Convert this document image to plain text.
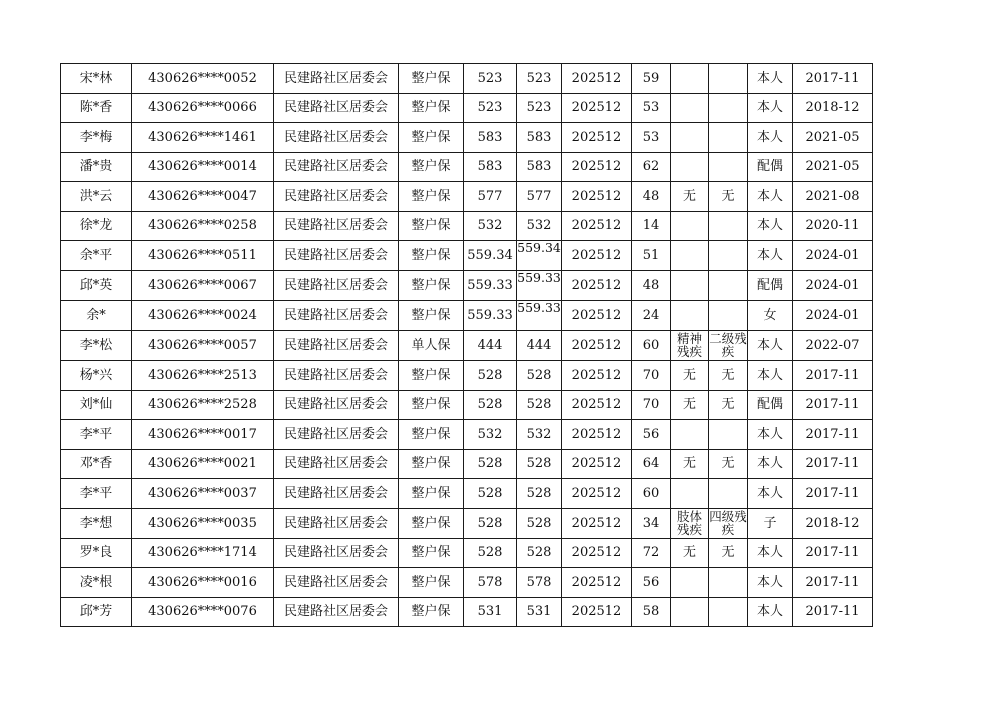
宋*林	430626****0052	民建路社区居委会	整户保	523	523	202512	59			本人	2017-11
陈*香	430626****0066	民建路社区居委会	整户保	523	523	202512	53			本人	2018-12
李*梅	430626****1461	民建路社区居委会	整户保	583	583	202512	53			本人	2021-05
潘*贵	430626****0014	民建路社区居委会	整户保	583	583	202512	62			配偶	2021-05
洪*云	430626****0047	民建路社区居委会	整户保	577	577	202512	48	无	无	本人	2021-08
徐*龙	430626****0258	民建路社区居委会	整户保	532	532	202512	14			本人	2020-11
余*平	430626****0511	民建路社区居委会	整户保	559.34	559.34	202512	51			本人	2024-01
邱*英	430626****0067	民建路社区居委会	整户保	559.33	559.33	202512	48			配偶	2024-01
余*	430626****0024	民建路社区居委会	整户保	559.33	559.33	202512	24			女	2024-01
李*松	430626****0057	民建路社区居委会	单人保	444	444	202512	60	精神残疾	二级残疾	本人	2022-07
杨*兴	430626****2513	民建路社区居委会	整户保	528	528	202512	70	无	无	本人	2017-11
刘*仙	430626****2528	民建路社区居委会	整户保	528	528	202512	70	无	无	配偶	2017-11
李*平	430626****0017	民建路社区居委会	整户保	532	532	202512	56			本人	2017-11
邓*香	430626****0021	民建路社区居委会	整户保	528	528	202512	64	无	无	本人	2017-11
李*平	430626****0037	民建路社区居委会	整户保	528	528	202512	60			本人	2017-11
李*想	430626****0035	民建路社区居委会	整户保	528	528	202512	34	肢体残疾	四级残疾	子	2018-12
罗*良	430626****1714	民建路社区居委会	整户保	528	528	202512	72	无	无	本人	2017-11
凌*根	430626****0016	民建路社区居委会	整户保	578	578	202512	56			本人	2017-11
邱*芳	430626****0076	民建路社区居委会	整户保	531	531	202512	58			本人	2017-11
